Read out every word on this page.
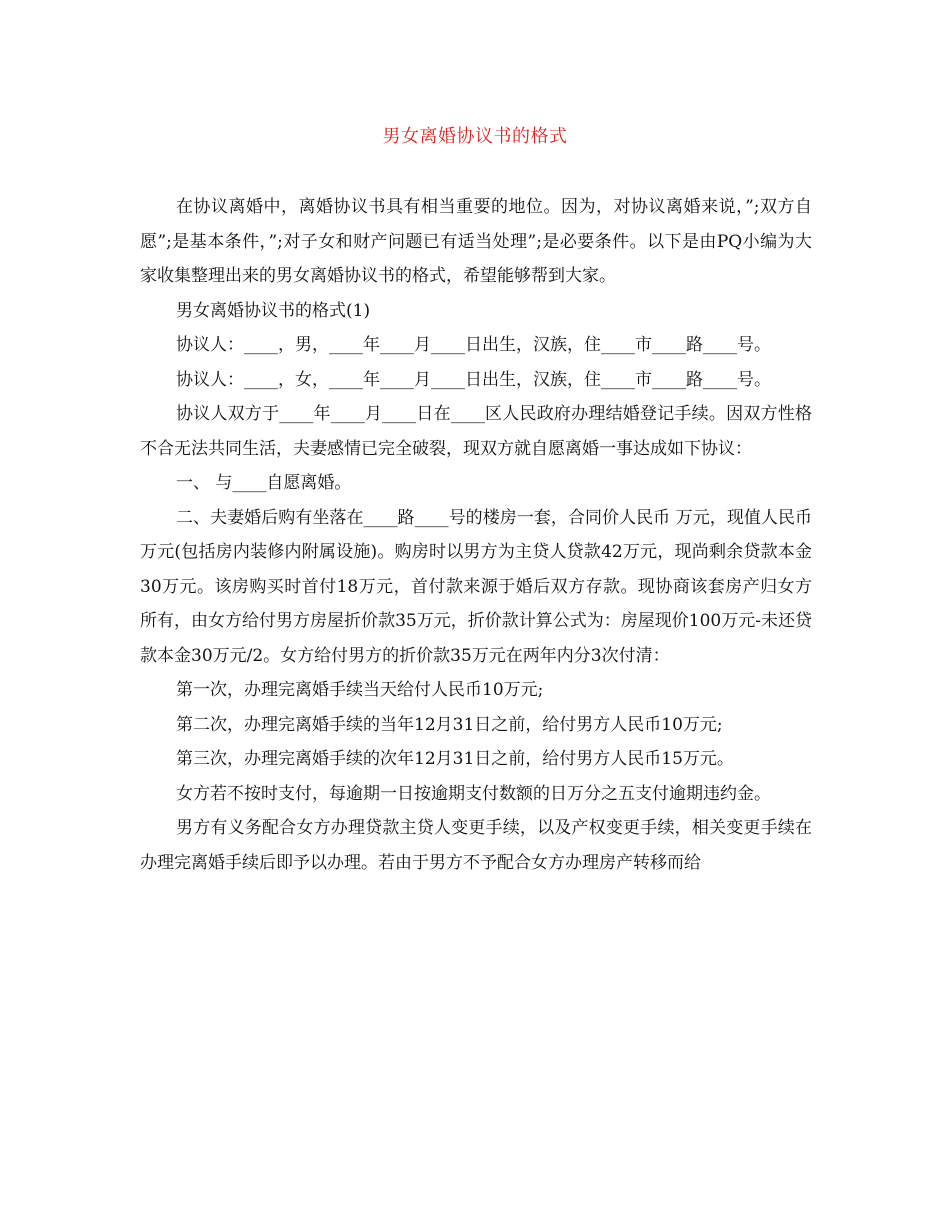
男女离婚协议书的格式

在协议离婚中，离婚协议书具有相当重要的地位。因为，对协议离婚来说，”;双方自愿”;是基本条件，”;对子女和财产问题已有适当处理”;是必要条件。以下是由PQ小编为大家收集整理出来的男女离婚协议书的格式，希望能够帮到大家。

男女离婚协议书的格式(1)

协议人：____，男，____年____月____日出生，汉族，住____市____路____号。

协议人：____，女，____年____月____日出生，汉族，住____市____路____号。

协议人双方于____年____月____日在____区人民政府办理结婚登记手续。因双方性格不合无法共同生活，夫妻感情已完全破裂，现双方就自愿离婚一事达成如下协议：

一、 与____自愿离婚。

二、夫妻婚后购有坐落在____路____号的楼房一套，合同价人民币 万元，现值人民币 万元(包括房内装修内附属设施)。购房时以男方为主贷人贷款42万元，现尚剩余贷款本金30万元。该房购买时首付18万元，首付款来源于婚后双方存款。现协商该套房产归女方所有，由女方给付男方房屋折价款35万元，折价款计算公式为：房屋现价100万元-未还贷款本金30万元/2。女方给付男方的折价款35万元在两年内分3次付清：

第一次，办理完离婚手续当天给付人民币10万元;

第二次，办理完离婚手续的当年12月31日之前，给付男方人民币10万元;

第三次，办理完离婚手续的次年12月31日之前，给付男方人民币15万元。

女方若不按时支付，每逾期一日按逾期支付数额的日万分之五支付逾期违约金。

男方有义务配合女方办理贷款主贷人变更手续，以及产权变更手续，相关变更手续在办理完离婚手续后即予以办理。若由于男方不予配合女方办理房产转移而给
